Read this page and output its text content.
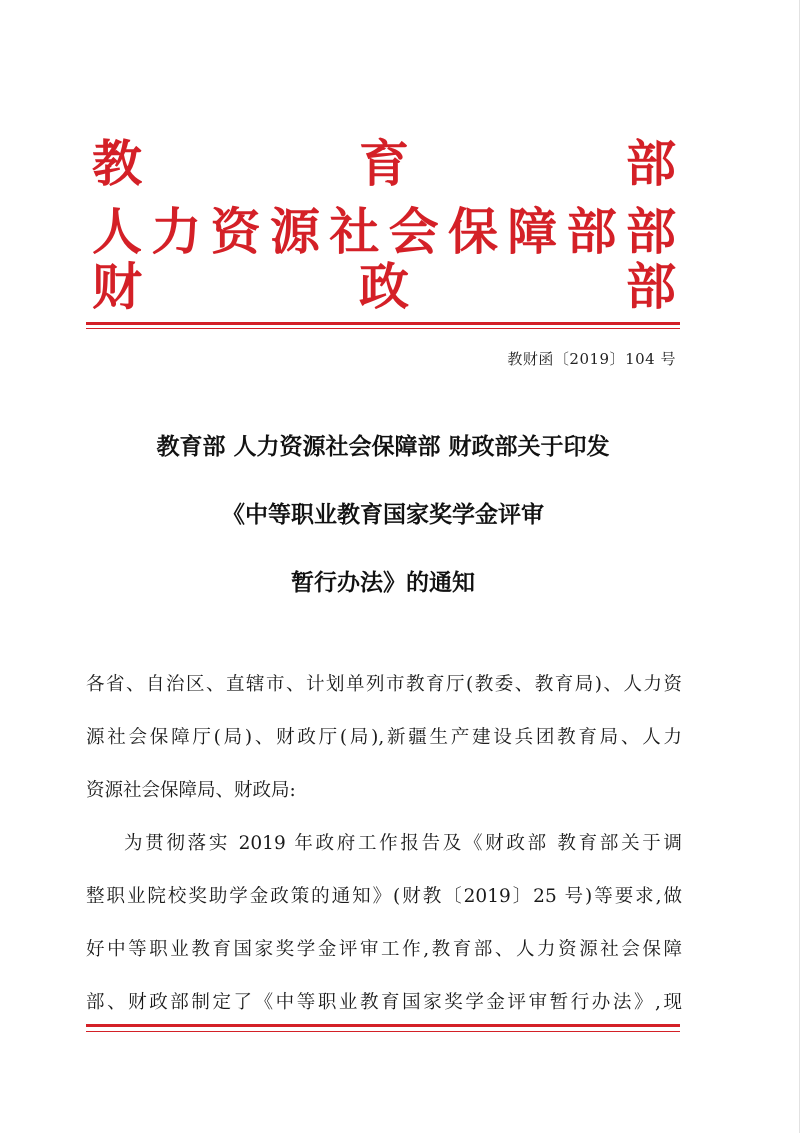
教	育	部
人 力 资 源 社 会 保 障 部 部
财	政	部
教财函〔2019〕104 号
教育部 人力资源社会保障部 财政部关于印发
《中等职业教育国家奖学金评审
暂行办法》的通知
各省、自治区、直辖市、计划单列市教育厅(教委、教育局)、人力资
源社会保障厅(局)、财政厅(局),新疆生产建设兵团教育局、人力
资源社会保障局、财政局:
为贯彻落实 2019 年政府工作报告及《财政部 教育部关于调
整职业院校奖助学金政策的通知》(财教〔2019〕25 号)等要求,做
好中等职业教育国家奖学金评审工作,教育部、人力资源社会保障
部、财政部制定了《中等职业教育国家奖学金评审暂行办法》,现
